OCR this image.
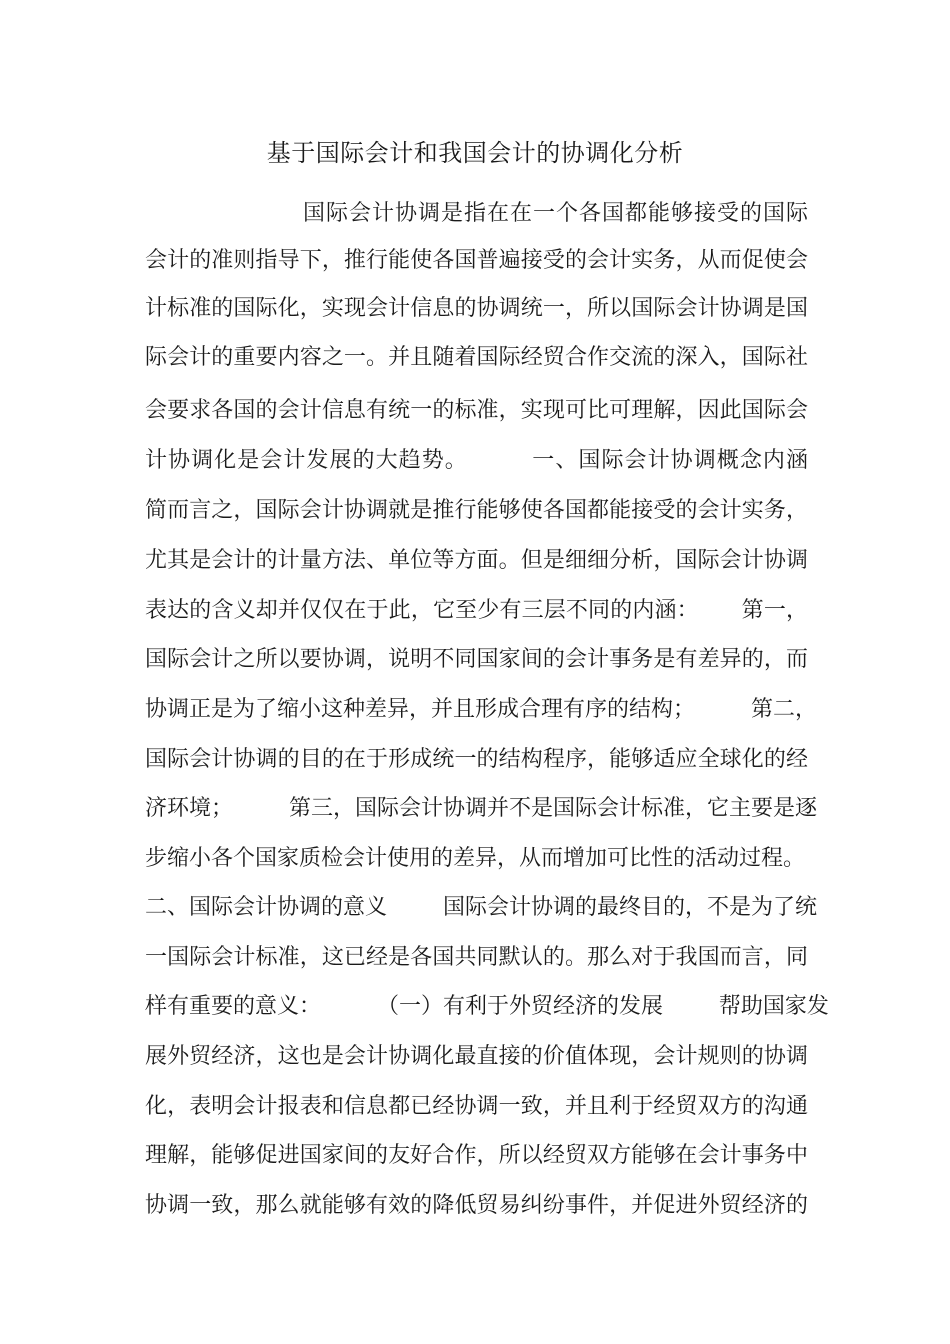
基于国际会计和我国会计的协调化分析
国际会计协调是指在在一个各国都能够接受的国际
会计的准则指导下，推行能使各国普遍接受的会计实务，从而促使会
计标准的国际化，实现会计信息的协调统一，所以国际会计协调是国
际会计的重要内容之一。并且随着国际经贸合作交流的深入，国际社
会要求各国的会计信息有统一的标准，实现可比可理解，因此国际会
计协调化是会计发展的大趋势。        一、国际会计协调概念内涵
简而言之，国际会计协调就是推行能够使各国都能接受的会计实务，
尤其是会计的计量方法、单位等方面。但是细细分析，国际会计协调
表达的含义却并仅仅在于此，它至少有三层不同的内涵：      第一，
国际会计之所以要协调，说明不同国家间的会计事务是有差异的，而
协调正是为了缩小这种差异，并且形成合理有序的结构；        第二，
国际会计协调的目的在于形成统一的结构程序，能够适应全球化的经
济环境；        第三，国际会计协调并不是国际会计标准，它主要是逐
步缩小各个国家质检会计使用的差异，从而增加可比性的活动过程。
二、国际会计协调的意义        国际会计协调的最终目的，不是为了统
一国际会计标准，这已经是各国共同默认的。那么对于我国而言，同
样有重要的意义：        （一）有利于外贸经济的发展        帮助国家发
展外贸经济，这也是会计协调化最直接的价值体现，会计规则的协调
化，表明会计报表和信息都已经协调一致，并且利于经贸双方的沟通
理解，能够促进国家间的友好合作，所以经贸双方能够在会计事务中
协调一致，那么就能够有效的降低贸易纠纷事件，并促进外贸经济的
